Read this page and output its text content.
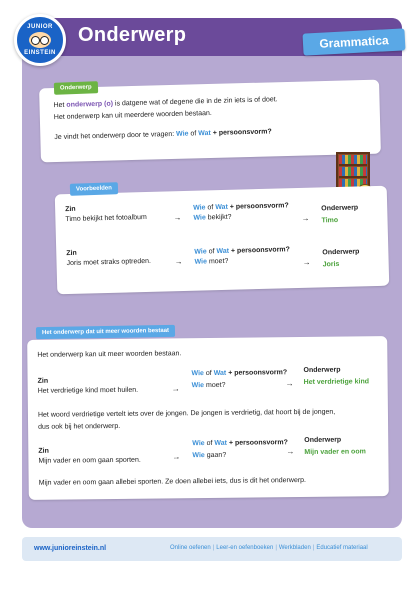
Onderwerp
JUNIOR
EINSTEIN
Grammatica
Het onderwerp (o) is datgene wat of degene die in de zin iets is of doet.
Het onderwerp kan uit meerdere woorden bestaan.
Je vindt het onderwerp door te vragen: Wie of Wat + persoonsvorm?
Onderwerp
Zin
Timo bekijkt het fotoalbum	→
Wie of Wat + persoonsvorm?
Wie bekijkt?	→
Onderwerp
Timo
Zin
Joris moet straks optreden.	→
Wie of Wat + persoonsvorm?
Wie moet?	→
Onderwerp
Joris
Voorbeelden
Het onderwerp kan uit meer woorden bestaan.
Zin
Het verdrietige kind moet huilen.	→
Wie of Wat + persoonsvorm?
Wie moet?	→
Onderwerp
Het verdrietige kind
Het woord verdrietige vertelt iets over de jongen. De jongen is verdrietig, dat hoort bij de jongen,
dus ook bij het onderwerp.
Zin
Mijn vader en oom gaan sporten.	→
Wie of Wat + persoonsvorm?
Wie gaan?	→
Onderwerp
Mijn vader en oom
Mijn vader en oom gaan allebei sporten. Ze doen allebei iets, dus is dit het onderwerp.
Het onderwerp dat uit meer woorden bestaat
www.junioreinstein.nl	Online oefenen | Leer-en oefenboeken | Werkbladen | Educatief materiaal
